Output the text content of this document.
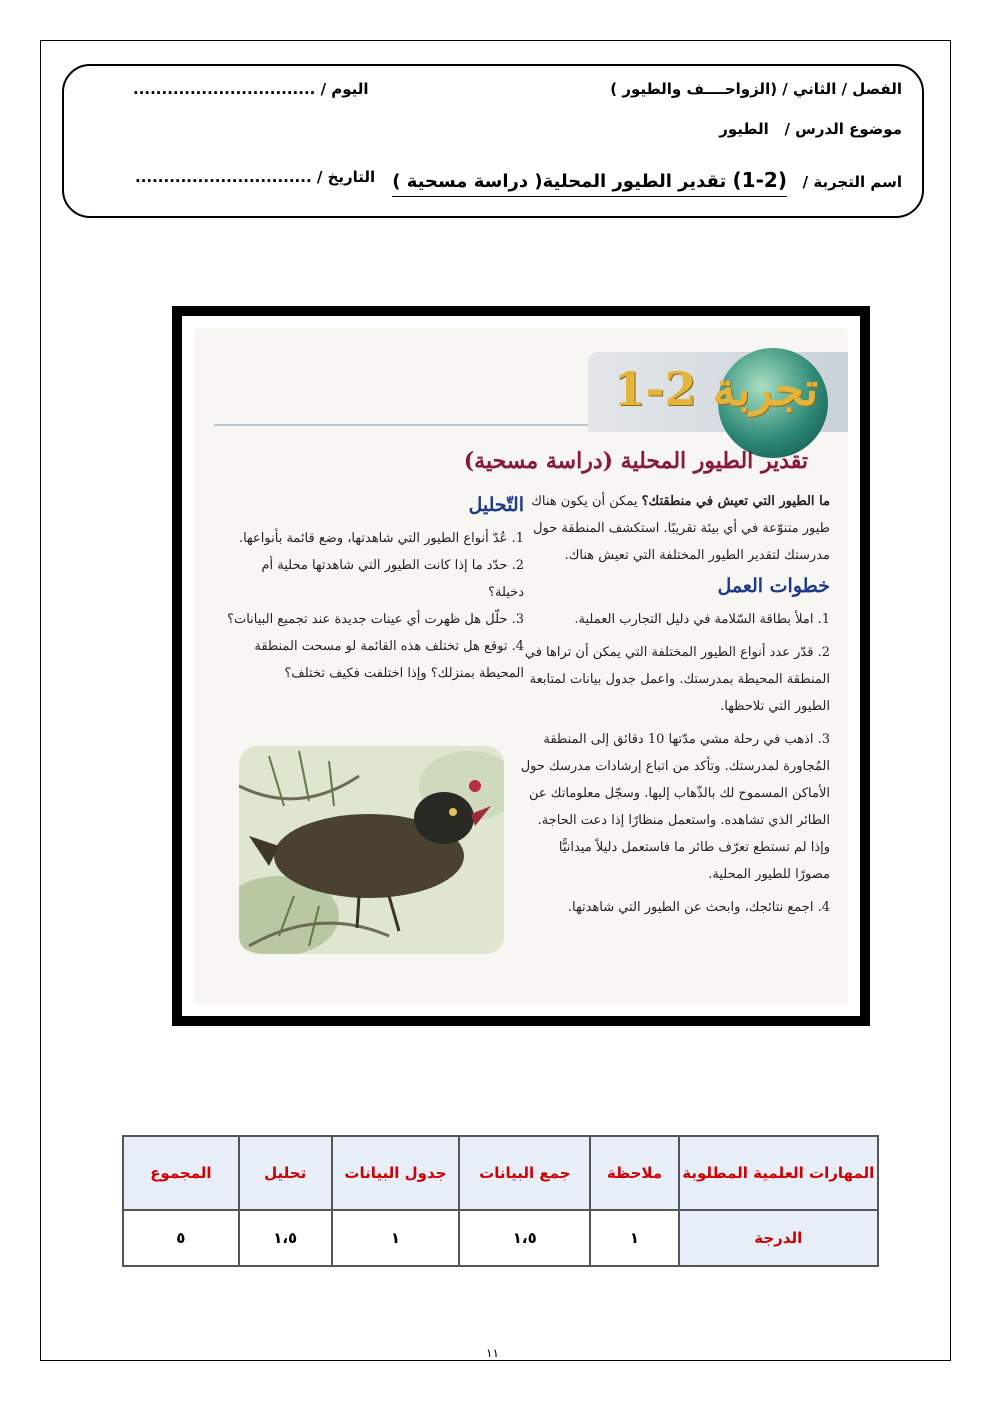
الفصل / الثاني / (الزواحــــف والطيور )
اليوم / ................................
موضوع الدرس /   الطيور
اسم التجربة /   (2-1) تقدير الطيور المحلية( دراسة مسحية )
التاريخ / ...............................
تجربة 2-1
تقدير الطيور المحلية (دراسة مسحية)
ما الطيور التي تعيش في منطقتك؟ يمكن أن يكون هناك طيور متنوّعة في أي بيئة تقريبًا. استكشف المنطقة حول مدرستك لتقدير الطيور المختلفة التي تعيش هناك.
خطوات العمل
1. املأ بطاقة السّلامة في دليل التجارب العملية.
2. قدّر عدد أنواع الطيور المختلفة التي يمكن أن تراها في المنطقة المحيطة بمدرستك. واعمل جدول بيانات لمتابعة الطيور التي تلاحظها.
3. اذهب في رحلة مشي مدّتها 10 دقائق إلى المنطقة المُجاورة لمدرستك. وتأكد من اتباع إرشادات مدرسك حول الأماكن المسموح لك بالذّهاب إليها. وسجّل معلوماتك عن الطائر الذي تشاهده. واستعمل منظارًا إذا دعت الحاجة. وإذا لم تستطع تعرّف طائر ما فاستعمل دليلاً ميدانيًّا مصورًا للطيور المحلية.
4. اجمع نتائجك، وابحث عن الطيور التي شاهدتها.
التّحليل
1. عُدّ أنواع الطيور التي شاهدتها، وضع قائمة بأنواعها.
2. حدّد ما إذا كانت الطيور التي شاهدتها محلية أم دخيلة؟
3. حلّل هل ظهرت أي عينات جديدة عند تجميع البيانات؟
4. توقع هل تختلف هذه القائمة لو مسحت المنطقة المحيطة بمنزلك؟ وإذا اختلفت فكيف تختلف؟
المهارات العلمية المطلوبة	ملاحظة	جمع البيانات	جدول البيانات	تحليل	المجموع
الدرجة	١	١،٥	١	١،٥	٥
١١
